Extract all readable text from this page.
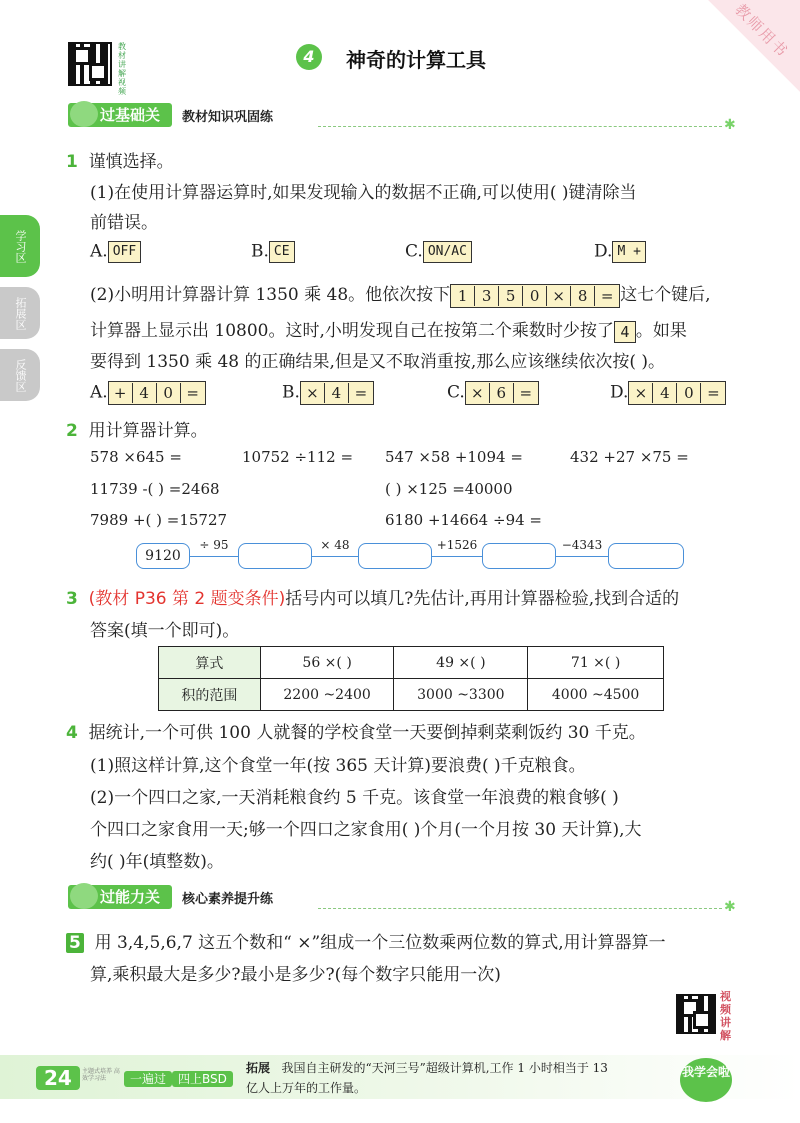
教师用书
教材讲解视频
4	神奇的计算工具
过基础关	教材知识巩固练	✱
学习区
拓展区
反馈区
1 谨慎选择。
(1)在使用计算器运算时,如果发现输入的数据不正确,可以使用( )键清除当
前错误。
A. OFF	B. CE	C. ON/AC	D. M +
(2)小明用计算器计算 1350 乘 48。他依次按下 1 3 5 0 × 8 = 这七个键后,
计算器上显示出 10800。这时,小明发现自己在按第二个乘数时少按了 4 。如果
要得到 1350 乘 48 的正确结果,但是又不取消重按,那么应该继续依次按( )。
A. + 4 0 =	B. × 4 =	C. × 6 =	D. × 4 0 =
2 用计算器计算。
578 ×645 =	10752 ÷112 = 547 ×58 +1094 =	432 +27 ×75 =
11739 -( ) =2468	( ) ×125 =40000
7989 +( ) =15727	6180 +14664 ÷94 =
9120
÷ 95	× 48	+1526	−4343
3 (教材 P36 第 2 题变条件)括号内可以填几?先估计,再用计算器检验,找到合适的
答案(填一个即可)。
算式	56 ×( )	49 ×( )	71 ×( )
积的范围	2200 ~2400	3000 ~3300	4000 ~4500
4 据统计,一个可供 100 人就餐的学校食堂一天要倒掉剩菜剩饭约 30 千克。
(1)照这样计算,这个食堂一年(按 365 天计算)要浪费( )千克粮食。
(2)一个四口之家,一天消耗粮食约 5 千克。该食堂一年浪费的粮食够( )
个四口之家食用一天;够一个四口之家食用( )个月(一个月按 30 天计算),大
约( )年(填整数)。
过能力关	核心素养提升练	✱
5 用 3,4,5,6,7 这五个数和“ ×”组成一个三位数乘两位数的算式,用计算器算一
算,乘积最大是多少?最小是多少?(每个数字只能用一次)
视频讲解
24	主题式培养 高效学习法	一遍过 四上BSD
拓展 我国自主研发的“天河三号”超级计算机,工作 1 小时相当于 13
亿人上万年的工作量。
我学会啦
